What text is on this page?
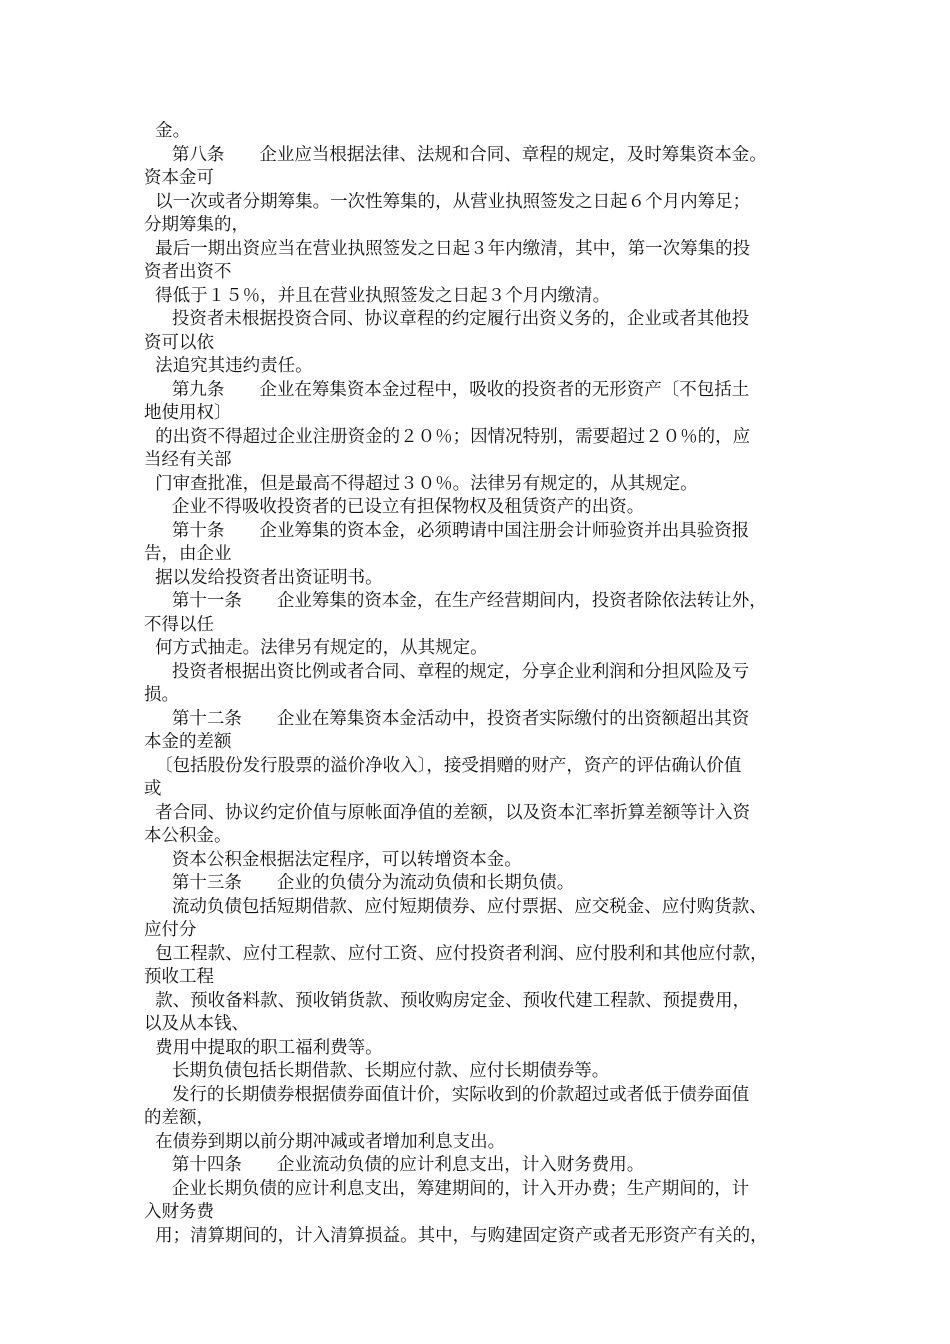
金。
第八条　　企业应当根据法律、法规和合同、章程的规定，及时筹集资本金。
资本金可
以一次或者分期筹集。一次性筹集的，从营业执照签发之日起６个月内筹足；
分期筹集的，
最后一期出资应当在营业执照签发之日起３年内缴清，其中，第一次筹集的投
资者出资不
得低于１５％，并且在营业执照签发之日起３个月内缴清。
投资者未根据投资合同、协议章程的约定履行出资义务的，企业或者其他投
资可以依
法追究其违约责任。
第九条　　企业在筹集资本金过程中，吸收的投资者的无形资产〔不包括土
地使用权〕
的出资不得超过企业注册资金的２０％；因情况特别，需要超过２０％的，应
当经有关部
门审查批准，但是最高不得超过３０％。法律另有规定的，从其规定。
企业不得吸收投资者的已设立有担保物权及租赁资产的出资。
第十条　　企业筹集的资本金，必须聘请中国注册会计师验资并出具验资报
告，由企业
据以发给投资者出资证明书。
第十一条　　企业筹集的资本金，在生产经营期间内，投资者除依法转让外，
不得以任
何方式抽走。法律另有规定的，从其规定。
投资者根据出资比例或者合同、章程的规定，分享企业利润和分担风险及亏
损。
第十二条　　企业在筹集资本金活动中，投资者实际缴付的出资额超出其资
本金的差额
〔包括股份发行股票的溢价净收入〕，接受捐赠的财产，资产的评估确认价值
或
者合同、协议约定价值与原帐面净值的差额，以及资本汇率折算差额等计入资
本公积金。
资本公积金根据法定程序，可以转增资本金。
第十三条　　企业的负债分为流动负债和长期负债。
流动负债包括短期借款、应付短期债券、应付票据、应交税金、应付购货款、
应付分
包工程款、应付工程款、应付工资、应付投资者利润、应付股利和其他应付款，
预收工程
款、预收备料款、预收销货款、预收购房定金、预收代建工程款、预提费用，
以及从本钱、
费用中提取的职工福利费等。
长期负债包括长期借款、长期应付款、应付长期债券等。
发行的长期债券根据债券面值计价，实际收到的价款超过或者低于债券面值
的差额，
在债券到期以前分期冲减或者增加利息支出。
第十四条　　企业流动负债的应计利息支出，计入财务费用。
企业长期负债的应计利息支出，筹建期间的，计入开办费；生产期间的，计
入财务费
用；清算期间的，计入清算损益。其中，与购建固定资产或者无形资产有关的，
